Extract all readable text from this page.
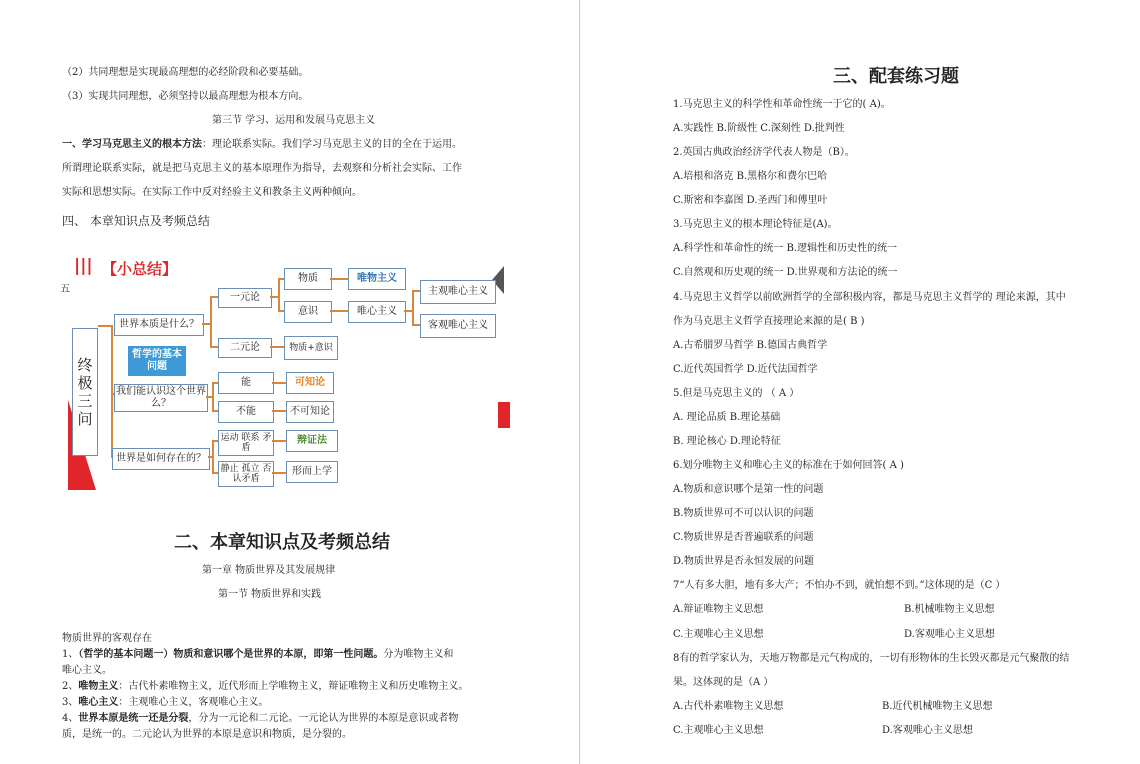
（2）共同理想是实现最高理想的必经阶段和必要基础。
（3）实现共同理想，必须坚持以最高理想为根本方向。
第三节 学习、运用和发展马克思主义
一、学习马克思主义的根本方法：理论联系实际。我们学习马克思主义的目的全在于运用。
所谓理论联系实际，就是把马克思主义的基本原理作为指导，去观察和分析社会实际、工作
实际和思想实际。在实际工作中反对经验主义和教条主义两种倾向。
四、 本章知识点及考频总结
||| 【小总结】
五
终极三问
世界本质是什么？
我们能认识这个世界么？
世界是如何存在的？
哲学的基本问题
一元论
二元论
物质
意识
物质+意识
唯物主义
唯心主义
主观唯心主义
客观唯心主义
能
不能
可知论
不可知论
运动 联系 矛盾
静止 孤立 否认矛盾
辩证法
形而上学
二、本章知识点及考频总结
第一章 物质世界及其发展规律
第一节 物质世界和实践
物质世界的客观存在
1、（哲学的基本问题一）物质和意识哪个是世界的本原，即第一性问题。分为唯物主义和
唯心主义。
2、唯物主义：古代朴素唯物主义，近代形而上学唯物主义，辩证唯物主义和历史唯物主义。
3、唯心主义：主观唯心主义，客观唯心主义。
4、世界本原是统一还是分裂，分为一元论和二元论。一元论认为世界的本原是意识或者物
质，是统一的。二元论认为世界的本原是意识和物质，是分裂的。
三、配套练习题
1.马克思主义的科学性和革命性统一于它的( A)。
A.实践性 B.阶级性 C.深刻性 D.批判性
2.英国古典政治经济学代表人物是（B）。
A.培根和洛克 B.黑格尔和费尔巴哈
C.斯密和李嘉图 D.圣西门和傅里叶
3.马克思主义的根本理论特征是(A)。
A.科学性和革命性的统一 B.逻辑性和历史性的统一
C.自然观和历史观的统一 D.世界观和方法论的统一
4.马克思主义哲学以前欧洲哲学的全部积极内容，都是马克思主义哲学的 理论来源，其中
作为马克思主义哲学直接理论来源的是( B )
A.古希腊罗马哲学 B.德国古典哲学
C.近代英国哲学 D.近代法国哲学
5.但是马克思主义的 （ A ）
A. 理论品质 B.理论基础
B. 理论核心 D.理论特征
6.划分唯物主义和唯心主义的标准在于如何回答( A )
A.物质和意识哪个是第一性的问题
B.物质世界可不可以认识的问题
C.物质世界是否普遍联系的问题
D.物质世界是否永恒发展的问题
7“人有多大胆，地有多大产；不怕办不到，就怕想不到。”这体现的是（C ）
A.辩证唯物主义思想	B.机械唯物主义思想
C.主观唯心主义思想	D.客观唯心主义思想
8有的哲学家认为，天地万物都是元气构成的，一切有形物体的生长毁灭都是元气聚散的结
果。这体现的是（A ）
A.古代朴素唯物主义思想	B.近代机械唯物主义思想
C.主观唯心主义思想	D.客观唯心主义思想
